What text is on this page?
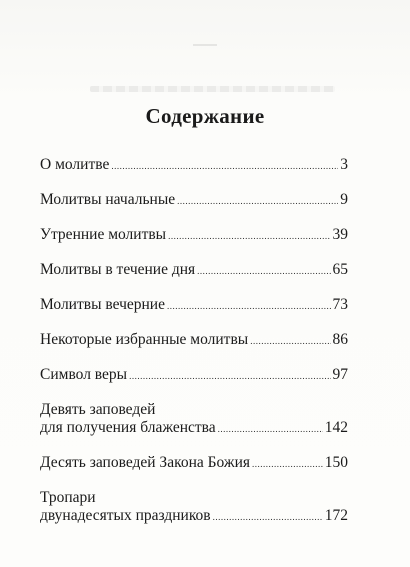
Содержание
О молитве .....	3
Молитвы начальные .....	9
Утренние молитвы .....	39
Молитвы в течение дня .....	65
Молитвы вечерние .....	73
Некоторые избранные молитвы .....	86
Символ веры .....	97
Девять заповедей
для получения блаженства .....	142
Десять заповедей Закона Божия .....	150
Тропари
двунадесятых праздников .....	172
